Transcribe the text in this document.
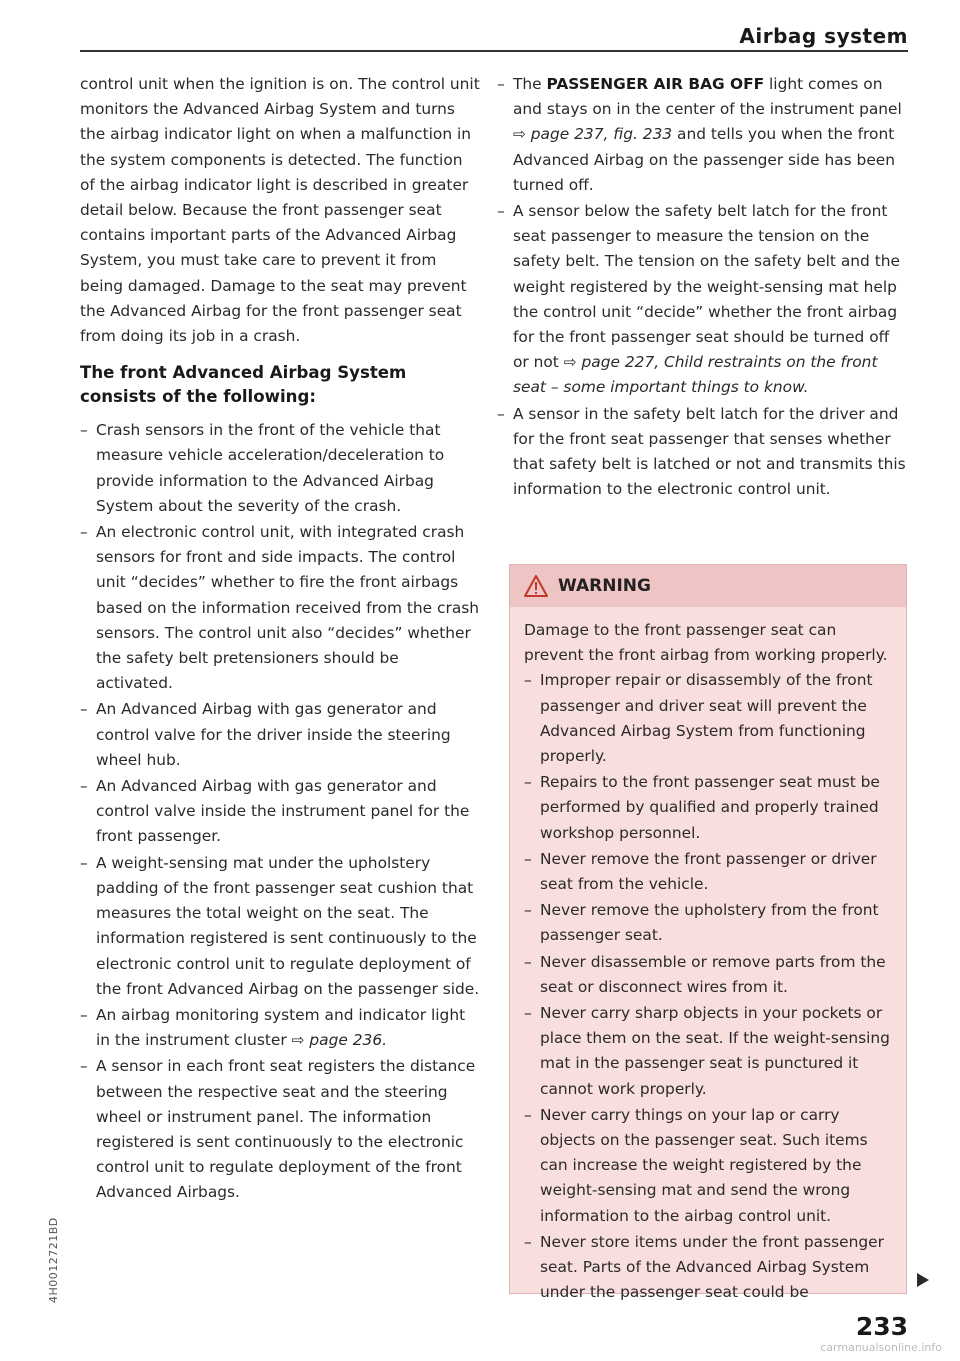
Airbag system

control unit when the ignition is on. The control unit monitors the Advanced Airbag System and turns the airbag indicator light on when a malfunction in the system components is detected. The function of the airbag indicator light is described in greater detail below. Because the front passenger seat contains important parts of the Advanced Airbag System, you must take care to prevent it from being damaged. Damage to the seat may prevent the Advanced Airbag for the front passenger seat from doing its job in a crash.

The front Advanced Airbag System consists of the following:
– Crash sensors in the front of the vehicle that measure vehicle acceleration/deceleration to provide information to the Advanced Airbag System about the severity of the crash.
– An electronic control unit, with integrated crash sensors for front and side impacts. The control unit “decides” whether to fire the front airbags based on the information received from the crash sensors. The control unit also “decides” whether the safety belt pretensioners should be activated.
– An Advanced Airbag with gas generator and control valve for the driver inside the steering wheel hub.
– An Advanced Airbag with gas generator and control valve inside the instrument panel for the front passenger.
– A weight-sensing mat under the upholstery padding of the front passenger seat cushion that measures the total weight on the seat. The information registered is sent continuously to the electronic control unit to regulate deployment of the front Advanced Airbag on the passenger side.
– An airbag monitoring system and indicator light in the instrument cluster ⇨ page 236.
– A sensor in each front seat registers the distance between the respective seat and the steering wheel or instrument panel. The information registered is sent continuously to the electronic control unit to regulate deployment of the front Advanced Airbags.
– The PASSENGER AIR BAG OFF light comes on and stays on in the center of the instrument panel ⇨ page 237, fig. 233 and tells you when the front Advanced Airbag on the passenger side has been turned off.
– A sensor below the safety belt latch for the front seat passenger to measure the tension on the safety belt. The tension on the safety belt and the weight registered by the weight-sensing mat help the control unit “decide” whether the front airbag for the front passenger seat should be turned off or not ⇨ page 227, Child restraints on the front seat – some important things to know.
– A sensor in the safety belt latch for the driver and for the front seat passenger that senses whether that safety belt is latched or not and transmits this information to the electronic control unit.
WARNING

Damage to the front passenger seat can prevent the front airbag from working properly.

– Improper repair or disassembly of the front passenger and driver seat will prevent the Advanced Airbag System from functioning properly.
– Repairs to the front passenger seat must be performed by qualified and properly trained workshop personnel.
– Never remove the front passenger or driver seat from the vehicle.
– Never remove the upholstery from the front passenger seat.
– Never disassemble or remove parts from the seat or disconnect wires from it.
– Never carry sharp objects in your pockets or place them on the seat. If the weight-sensing mat in the passenger seat is punctured it cannot work properly.
– Never carry things on your lap or carry objects on the passenger seat. Such items can increase the weight registered by the weight-sensing mat and send the wrong information to the airbag control unit.
– Never store items under the front passenger seat. Parts of the Advanced Airbag System under the passenger seat could be
233
4H0012721BD
carmanualsonline.info
